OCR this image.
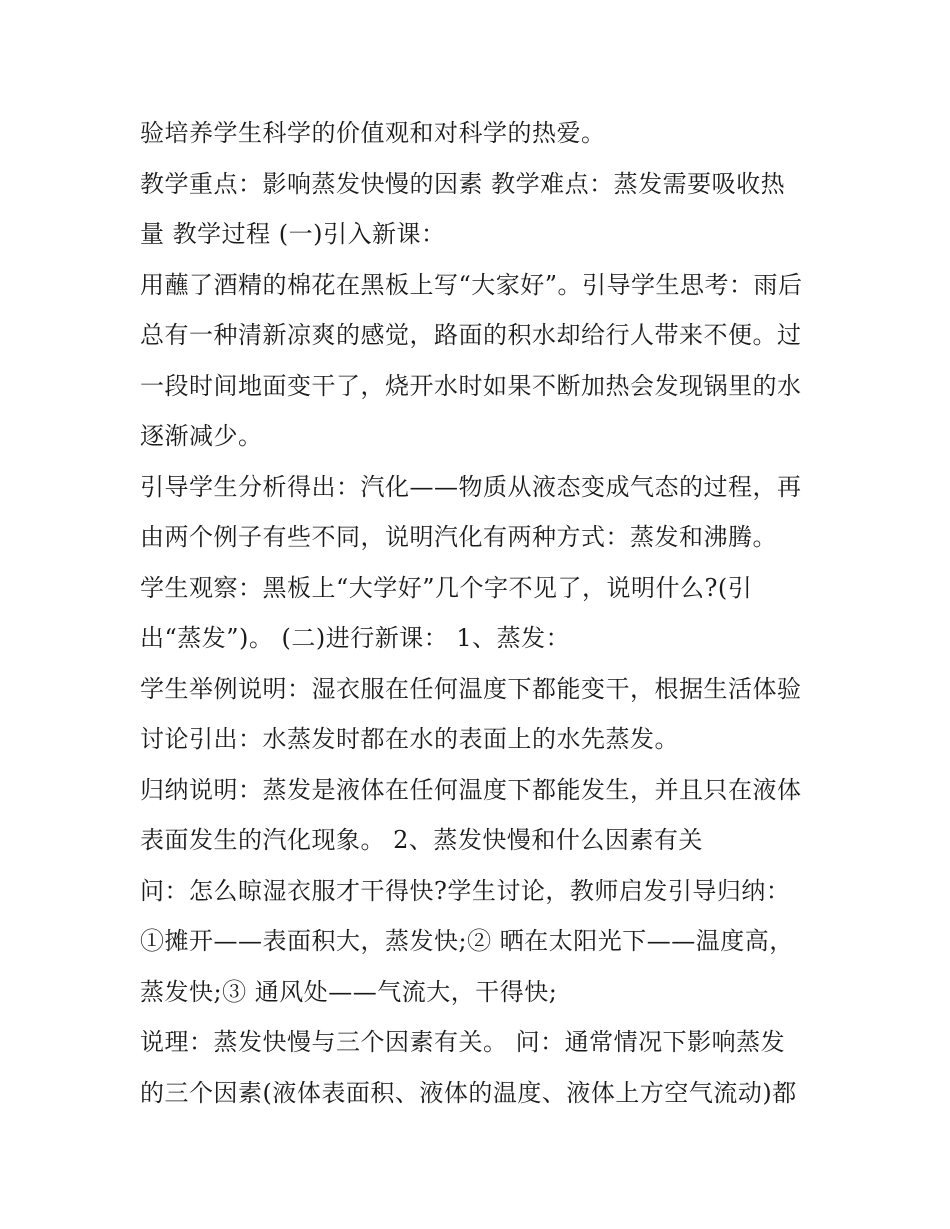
验培养学生科学的价值观和对科学的热爱。
教学重点：影响蒸发快慢的因素 教学难点：蒸发需要吸收热
量 教学过程 (一)引入新课：
用蘸了酒精的棉花在黑板上写“大家好”。引导学生思考：雨后
总有一种清新凉爽的感觉，路面的积水却给行人带来不便。过
一段时间地面变干了，烧开水时如果不断加热会发现锅里的水
逐渐减少。
引导学生分析得出：汽化——物质从液态变成气态的过程，再
由两个例子有些不同，说明汽化有两种方式：蒸发和沸腾。
学生观察：黑板上“大学好”几个字不见了，说明什么?(引
出“蒸发”)。 (二)进行新课： 1、蒸发：
学生举例说明：湿衣服在任何温度下都能变干，根据生活体验
讨论引出：水蒸发时都在水的表面上的水先蒸发。
归纳说明：蒸发是液体在任何温度下都能发生，并且只在液体
表面发生的汽化现象。 2、蒸发快慢和什么因素有关
问：怎么晾湿衣服才干得快?学生讨论，教师启发引导归纳：
①摊开——表面积大，蒸发快;② 晒在太阳光下——温度高，
蒸发快;③ 通风处——气流大，干得快;
说理：蒸发快慢与三个因素有关。 问：通常情况下影响蒸发
的三个因素(液体表面积、液体的温度、液体上方空气流动)都
